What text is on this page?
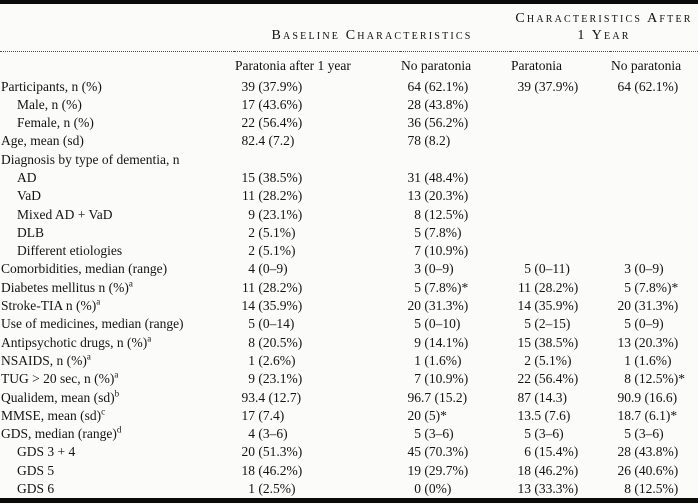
	Baseline Characteristics		Characteristics After 1 Year	
	Paratonia after 1 year	No paratonia	Paratonia	No paratonia
Participants, n (%)	39 (37.9%)	64 (62.1%)	39 (37.9%)	64 (62.1%)
Male, n (%)	17 (43.6%)	28 (43.8%)		
Female, n (%)	22 (56.4%)	36 (56.2%)		
Age, mean (sd)	82.4 (7.2)	78 (8.2)		
Diagnosis by type of dementia, n				
AD	15 (38.5%)	31 (48.4%)		
VaD	11 (28.2%)	13 (20.3%)		
Mixed AD + VaD	9 (23.1%)	8 (12.5%)		
DLB	2 (5.1%)	5 (7.8%)		
Different etiologies	2 (5.1%)	7 (10.9%)		
Comorbidities, median (range)	4 (0–9)	3 (0–9)	5 (0–11)	3 (0–9)
Diabetes mellitus n (%)$^a$	11 (28.2%)	5 (7.8%)*	11 (28.2%)	5 (7.8%)*
Stroke-TIA n (%)$^a$	14 (35.9%)	20 (31.3%)	14 (35.9%)	20 (31.3%)
Use of medicines, median (range)	5 (0–14)	5 (0–10)	5 (2–15)	5 (0–9)
Antipsychotic drugs, n (%)$^a$	8 (20.5%)	9 (14.1%)	15 (38.5%)	13 (20.3%)
NSAIDS, n (%)$^a$	1 (2.6%)	1 (1.6%)	2 (5.1%)	1 (1.6%)
TUG > 20 sec, n (%)$^a$	9 (23.1%)	7 (10.9%)	22 (56.4%)	8 (12.5%)*
Qualidem, mean (sd)$^b$	93.4 (12.7)	96.7 (15.2)	87 (14.3)	90.9 (16.6)
MMSE, mean (sd)$^c$	17 (7.4)	20 (5)*	13.5 (7.6)	18.7 (6.1)*
GDS, median (range)$^d$	4 (3–6)	5 (3–6)	5 (3–6)	5 (3–6)
GDS 3 + 4	20 (51.3%)	45 (70.3%)	6 (15.4%)	28 (43.8%)
GDS 5	18 (46.2%)	19 (29.7%)	18 (46.2%)	26 (40.6%)
GDS 6	1 (2.5%)	0 (0%)	13 (33.3%)	8 (12.5%)
